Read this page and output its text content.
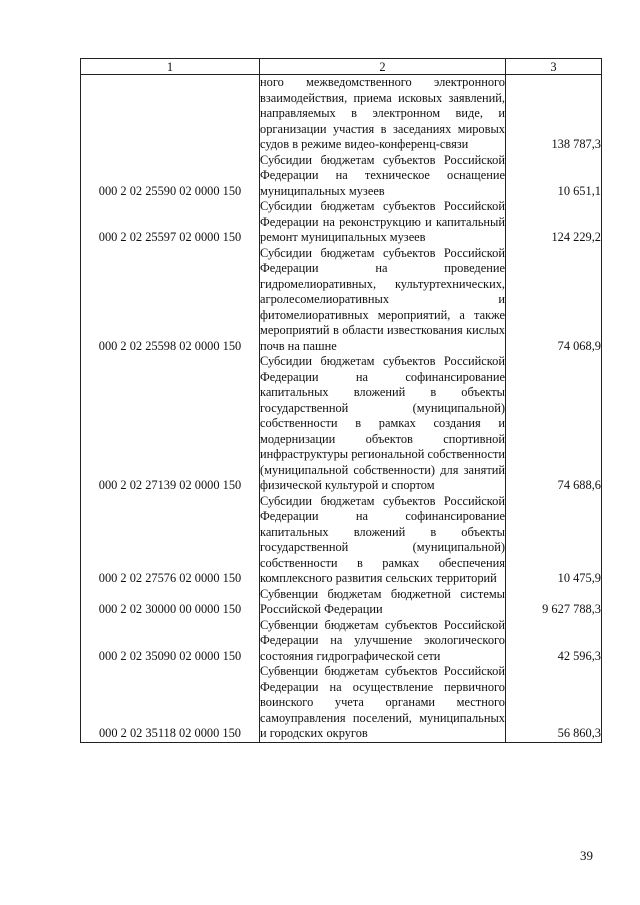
1	2	3
	ного межведомственного электронного взаимодействия, приема исковых заявлений, направляемых в электронном виде, и организации участия в заседаниях мировых судов в режиме видео-конференц-связи	138 787,3
000 2 02 25590 02 0000 150	Субсидии бюджетам субъектов Российской Федерации на техническое оснащение муниципальных музеев	10 651,1
000 2 02 25597 02 0000 150	Субсидии бюджетам субъектов Российской Федерации на реконструкцию и капитальный ремонт муниципальных музеев	124 229,2
000 2 02 25598 02 0000 150	Субсидии бюджетам субъектов Российской Федерации на проведение гидромелиоративных, культуртехнических, агролесомелиоративных и фитомелиоративных мероприятий, а также мероприятий в области известкования кислых почв на пашне	74 068,9
000 2 02 27139 02 0000 150	Субсидии бюджетам субъектов Российской Федерации на софинансирование капитальных вложений в объекты государственной (муниципальной) собственности в рамках создания и модернизации объектов спортивной инфраструктуры региональной собственности (муниципальной собственности) для занятий физической культурой и спортом	74 688,6
000 2 02 27576 02 0000 150	Субсидии бюджетам субъектов Российской Федерации на софинансирование капитальных вложений в объекты государственной (муниципальной) собственности в рамках обеспечения комплексного развития сельских территорий	10 475,9
000 2 02 30000 00 0000 150	Субвенции бюджетам бюджетной системы Российской Федерации	9 627 788,3
000 2 02 35090 02 0000 150	Субвенции бюджетам субъектов Российской Федерации на улучшение экологического состояния гидрографической сети	42 596,3
000 2 02 35118 02 0000 150	Субвенции бюджетам субъектов Российской Федерации на осуществление первичного воинского учета органами местного самоуправления поселений, муниципальных и городских округов	56 860,3
39
